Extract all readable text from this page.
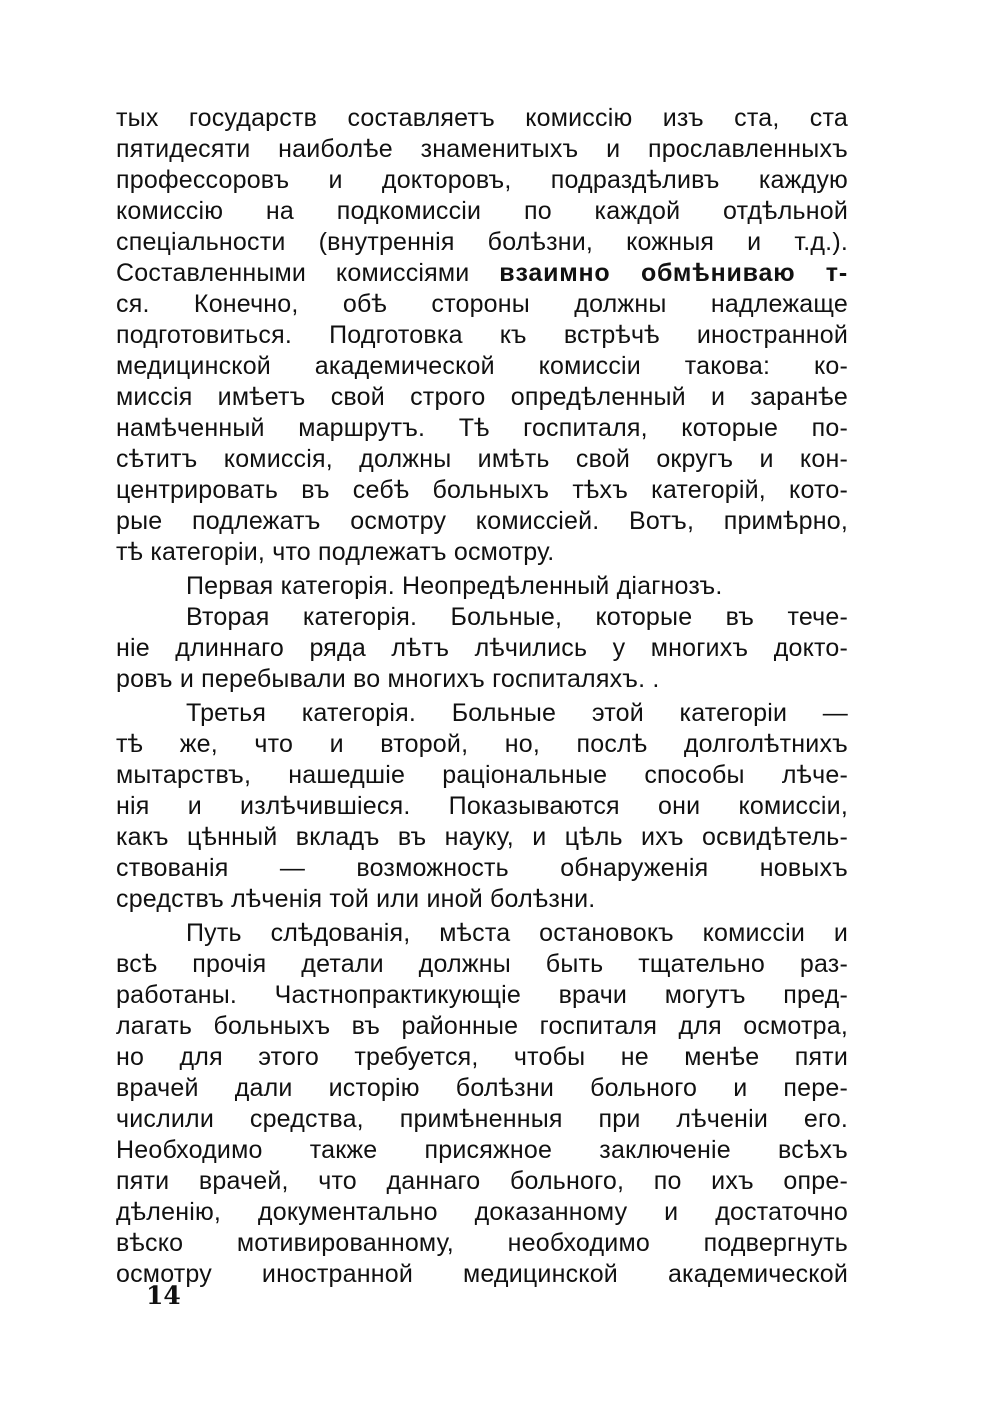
тых государств составляетъ комиссію изъ ста, ста
пятидесяти наиболѣе знаменитыхъ и прославленныхъ
профессоровъ и докторовъ, подраздѣливъ каждую
комиссію на подкомиссіи по каждой отдѣльной
спеціальности (внутреннія болѣзни, кожныя и т.д.).
Составленными комиссіями взаимно обмѣниваю т-
ся. Конечно, обѣ стороны должны надлежаще
подготовиться. Подготовка къ встрѣчѣ иностранной
медицинской академической комиссіи такова: ко-
миссія имѣетъ свой строго опредѣленный и заранѣе
намѣченный маршрутъ. Тѣ госпиталя, которые по-
сѣтитъ комиссія, должны имѣть свой округъ и кон-
центрировать въ себѣ больныхъ тѣхъ категорій, кото-
рые подлежатъ осмотру комиссіей. Вотъ, примѣрно,
тѣ категоріи, что подлежатъ осмотру.
Первая категорія. Неопредѣленный діагнозъ.
Вторая категорія. Больные, которые въ тече-
ніе длиннаго ряда лѣтъ лѣчились у многихъ докто-
ровъ и перебывали во многихъ госпиталяхъ. .
Третья категорія. Больные этой категоріи —
тѣ же, что и второй, но, послѣ долголѣтнихъ
мытарствъ, нашедшіе раціональные способы лѣче-
нія и излѣчившіеся. Показываются они комиссіи,
какъ цѣнный вкладъ въ науку, и цѣль ихъ освидѣтель-
ствованія — возможность обнаруженія новыхъ
средствъ лѣченія той или иной болѣзни.
Путь слѣдованія, мѣста остановокъ комиссіи и
всѣ прочія детали должны быть тщательно раз-
работаны. Частнопрактикующіе врачи могутъ пред-
лагать больныхъ въ районные госпиталя для осмотра,
но для этого требуется, чтобы не менѣе пяти
врачей дали исторію болѣзни больного и пере-
числили средства, примѣненныя при лѣченіи его.
Необходимо также присяжное заключеніе всѣхъ
пяти врачей, что даннаго больного, по ихъ опре-
дѣленію, документально доказанному и достаточно
вѣско мотивированному, необходимо подвергнуть
осмотру иностранной медицинской академической
14
